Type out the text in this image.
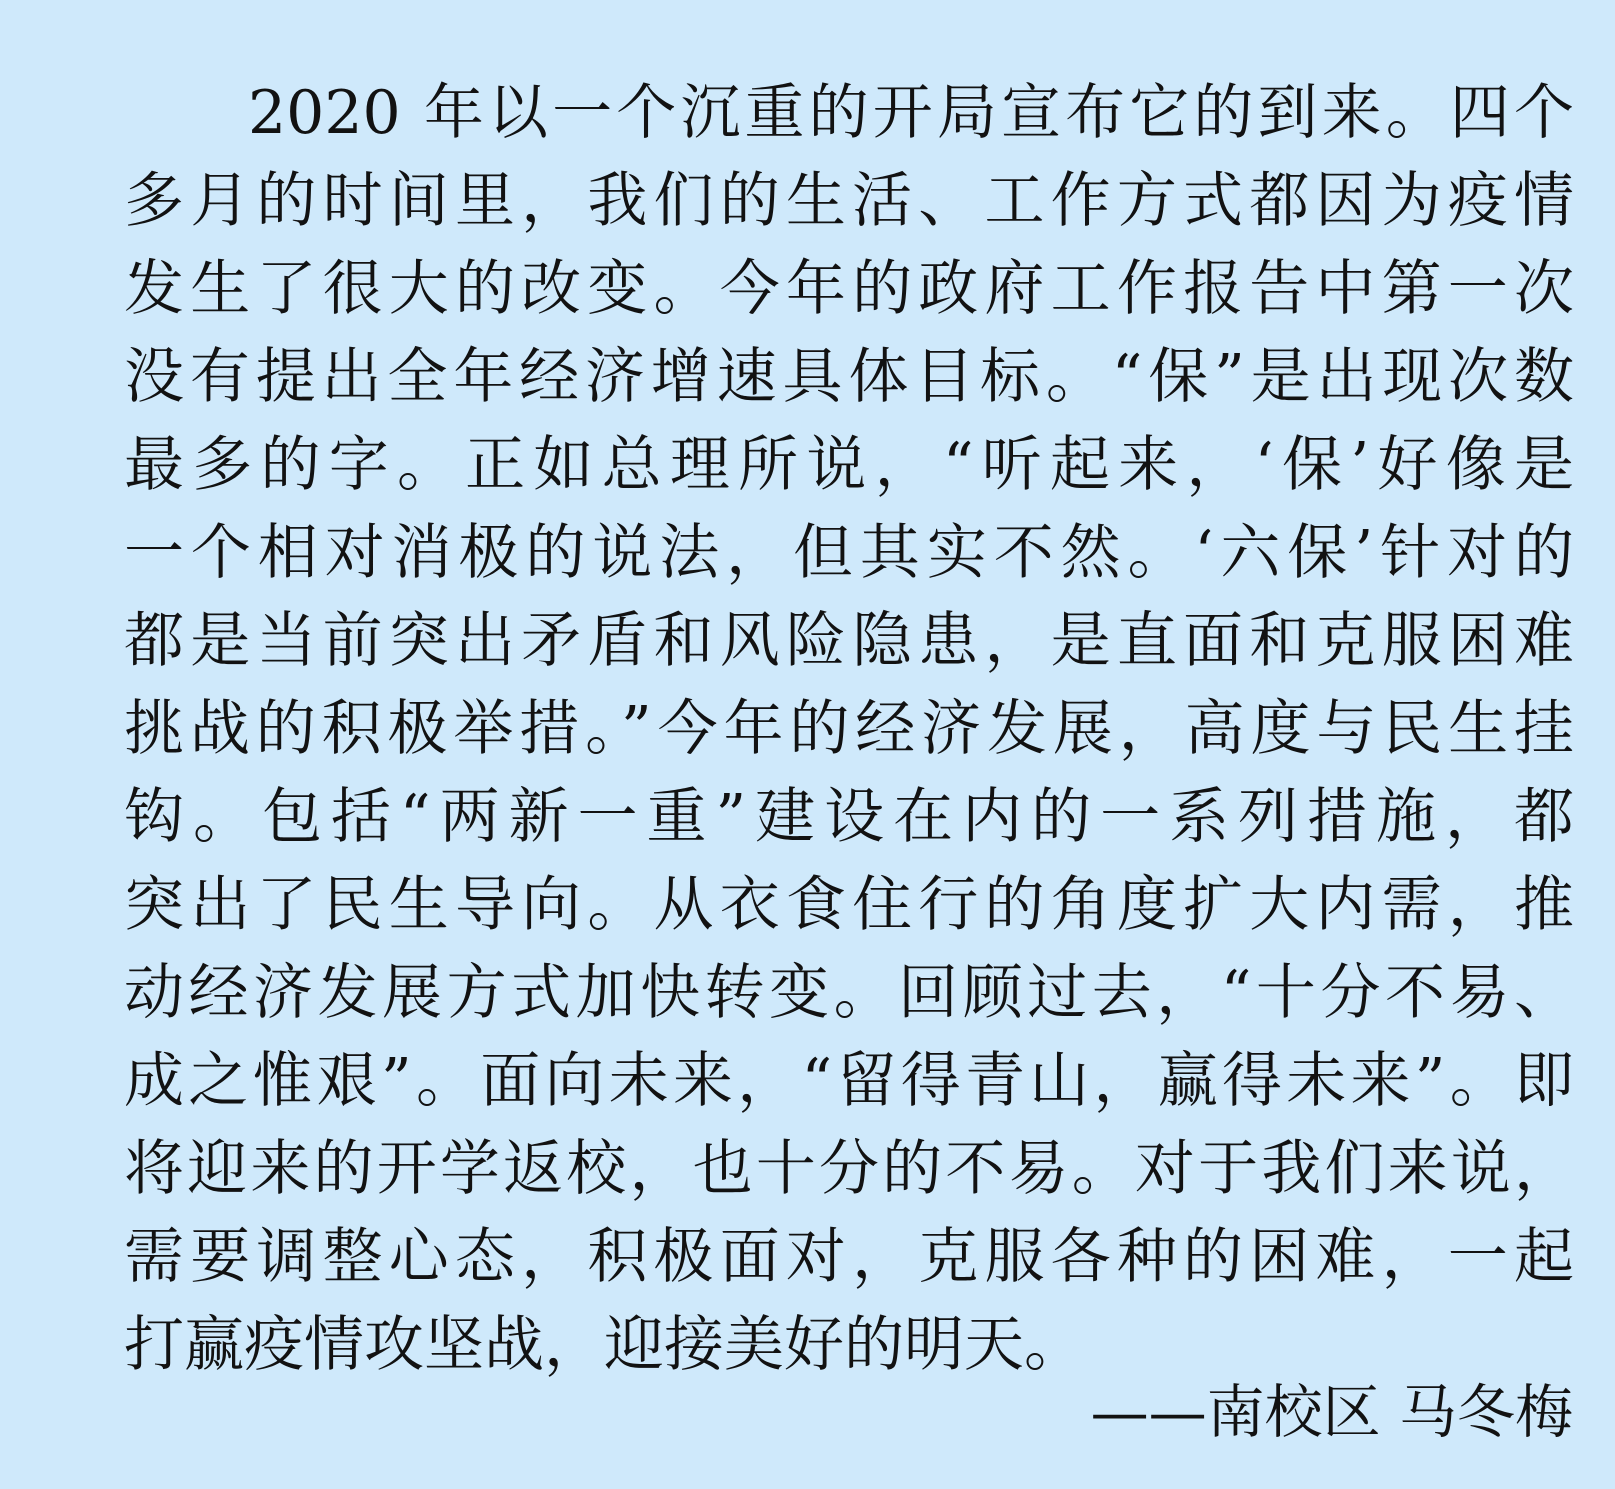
2020 年以一个沉重的开局宣布它的到来。四个
多月的时间里，我们的生活、工作方式都因为疫情
发生了很大的改变。今年的政府工作报告中第一次
没有提出全年经济增速具体目标。“保”是出现次数
最多的字。正如总理所说，“听起来，‘保’好像是
一个相对消极的说法，但其实不然。‘六保’针对的
都是当前突出矛盾和风险隐患，是直面和克服困难
挑战的积极举措。”今年的经济发展，高度与民生挂
钩。包括“两新一重”建设在内的一系列措施，都
突出了民生导向。从衣食住行的角度扩大内需，推
动经济发展方式加快转变。回顾过去，“十分不易、
成之惟艰”。面向未来，“留得青山，赢得未来”。即
将迎来的开学返校，也十分的不易。对于我们来说，
需要调整心态，积极面对，克服各种的困难，一起
打赢疫情攻坚战，迎接美好的明天。
——南校区 马冬梅
